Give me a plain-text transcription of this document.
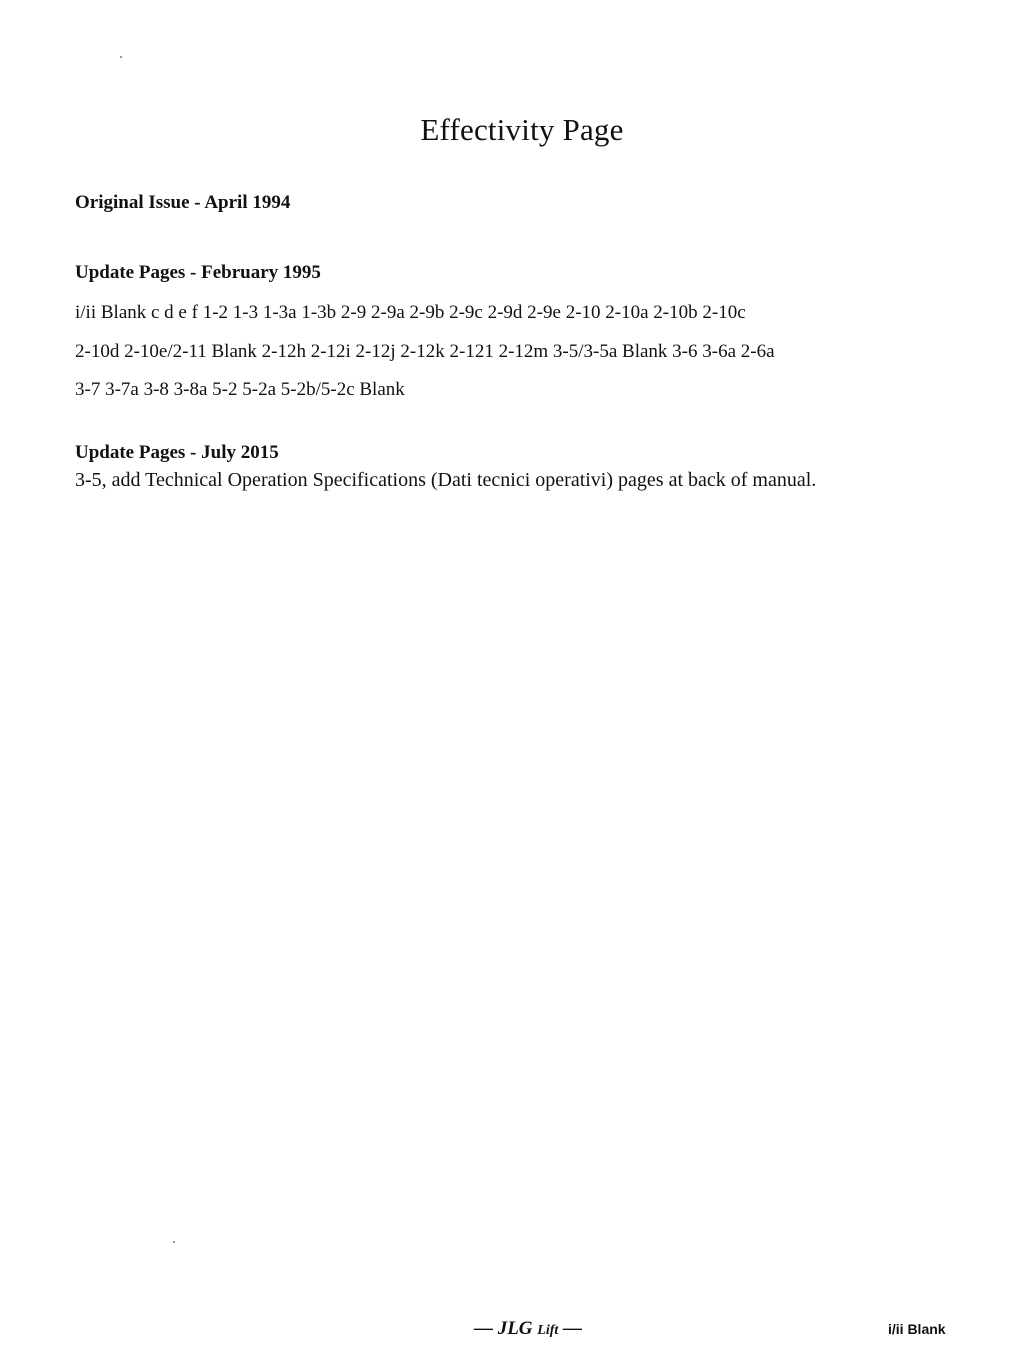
Effectivity Page
Original Issue - April 1994
Update Pages - February 1995
i/ii Blank c d e f 1-2 1-3 1-3a 1-3b 2-9 2-9a 2-9b 2-9c 2-9d 2-9e 2-10 2-10a 2-10b 2-10c
2-10d 2-10e/2-11 Blank 2-12h 2-12i 2-12j 2-12k 2-121 2-12m 3-5/3-5a Blank 3-6 3-6a 2-6a
3-7 3-7a 3-8 3-8a 5-2 5-2a 5-2b/5-2c Blank
Update Pages - July 2015
3-5, add Technical Operation Specifications (Dati tecnici operativi) pages at back of manual.
— JLG Lift —	i/ii Blank
